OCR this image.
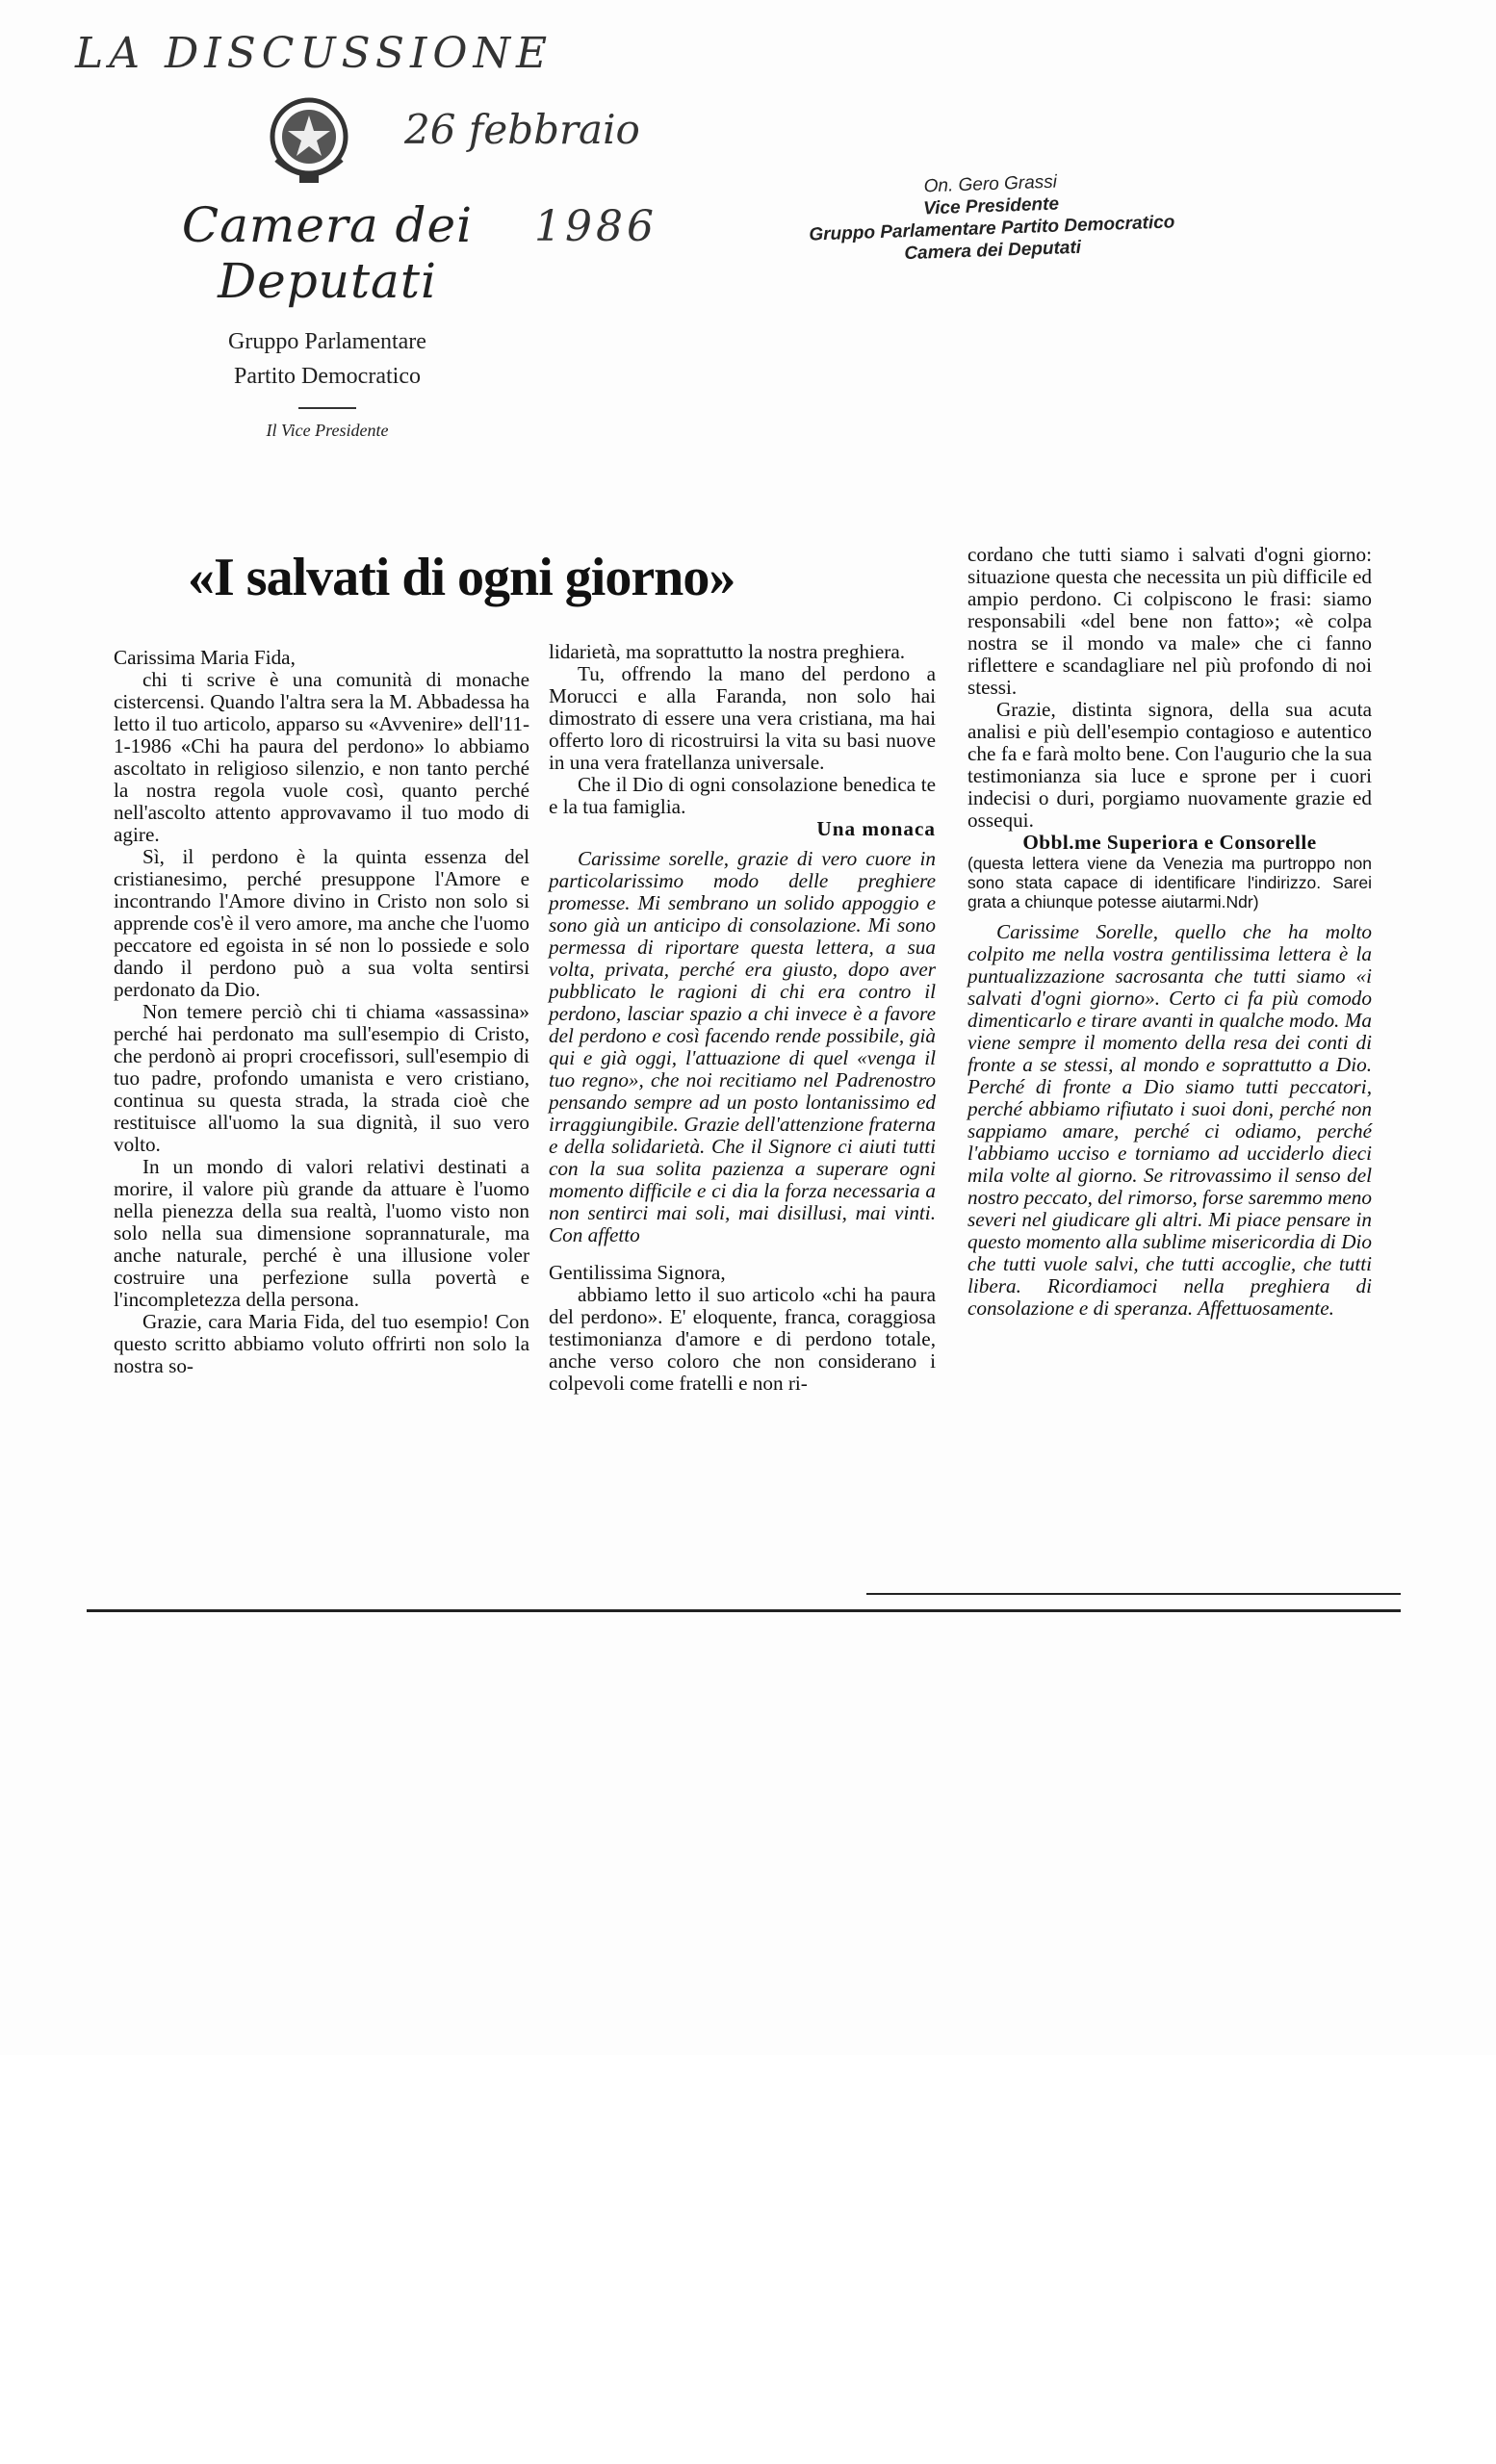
LA DISCUSSIONE
26 febbraio
1986
Camera dei Deputati
Gruppo Parlamentare
Partito Democratico
Il Vice Presidente
On. Gero Grassi
Vice Presidente
Gruppo Parlamentare Partito Democratico
Camera dei Deputati
«I salvati di ogni giorno»

Carissima Maria Fida,

chi ti scrive è una comunità di monache cistercensi. Quando l'altra sera la M. Abbadessa ha letto il tuo articolo, apparso su «Avvenire» dell'11-1-1986 «Chi ha paura del perdono» lo abbiamo ascoltato in religioso silenzio, e non tanto perché la nostra regola vuole così, quanto perché nell'ascolto attento approvavamo il tuo modo di agire.

Sì, il perdono è la quinta essenza del cristianesimo, perché presuppone l'Amore e incontrando l'Amore divino in Cristo non solo si apprende cos'è il vero amore, ma anche che l'uomo peccatore ed egoista in sé non lo possiede e solo dando il perdono può a sua volta sentirsi perdonato da Dio.

Non temere perciò chi ti chiama «assassina» perché hai perdonato ma sull'esempio di Cristo, che perdonò ai propri crocefissori, sull'esempio di tuo padre, profondo umanista e vero cristiano, continua su questa strada, la strada cioè che restituisce all'uomo la sua dignità, il suo vero volto.

In un mondo di valori relativi destinati a morire, il valore più grande da attuare è l'uomo nella pienezza della sua realtà, l'uomo visto non solo nella sua dimensione soprannaturale, ma anche naturale, perché è una illusione voler costruire una perfezione sulla povertà e l'incompletezza della persona.

Grazie, cara Maria Fida, del tuo esempio! Con questo scritto abbiamo voluto offrirti non solo la nostra so-

lidarietà, ma soprattutto la nostra preghiera.

Tu, offrendo la mano del perdono a Morucci e alla Faranda, non solo hai dimostrato di essere una vera cristiana, ma hai offerto loro di ricostruirsi la vita su basi nuove in una vera fratellanza universale.

Che il Dio di ogni consolazione benedica te e la tua famiglia.

Una monaca

Carissime sorelle, grazie di vero cuore in particolarissimo modo delle preghiere promesse. Mi sembrano un solido appoggio e sono già un anticipo di consolazione. Mi sono permessa di riportare questa lettera, a sua volta, privata, perché era giusto, dopo aver pubblicato le ragioni di chi era contro il perdono, lasciar spazio a chi invece è a favore del perdono e così facendo rende possibile, già qui e già oggi, l'attuazione di quel «venga il tuo regno», che noi recitiamo nel Padrenostro pensando sempre ad un posto lontanissimo ed irraggiungibile. Grazie dell'attenzione fraterna e della solidarietà. Che il Signore ci aiuti tutti con la sua solita pazienza a superare ogni momento difficile e ci dia la forza necessaria a non sentirci mai soli, mai disillusi, mai vinti. Con affetto

Gentilissima Signora,

abbiamo letto il suo articolo «chi ha paura del perdono». E' eloquente, franca, coraggiosa testimonianza d'amore e di perdono totale, anche verso coloro che non considerano i colpevoli come fratelli e non ri-

cordano che tutti siamo i salvati d'ogni giorno: situazione questa che necessita un più difficile ed ampio perdono. Ci colpiscono le frasi: siamo responsabili «del bene non fatto»; «è colpa nostra se il mondo va male» che ci fanno riflettere e scandagliare nel più profondo di noi stessi.

Grazie, distinta signora, della sua acuta analisi e più dell'esempio contagioso e autentico che fa e farà molto bene. Con l'augurio che la sua testimonianza sia luce e sprone per i cuori indecisi o duri, porgiamo nuovamente grazie ed ossequi.

Obbl.me Superiora e Consorelle

(questa lettera viene da Venezia ma purtroppo non sono stata capace di identificare l'indirizzo. Sarei grata a chiunque potesse aiutarmi.Ndr)

Carissime Sorelle, quello che ha molto colpito me nella vostra gentilissima lettera è la puntualizzazione sacrosanta che tutti siamo «i salvati d'ogni giorno». Certo ci fa più comodo dimenticarlo e tirare avanti in qualche modo. Ma viene sempre il momento della resa dei conti di fronte a se stessi, al mondo e soprattutto a Dio. Perché di fronte a Dio siamo tutti peccatori, perché abbiamo rifiutato i suoi doni, perché non sappiamo amare, perché ci odiamo, perché l'abbiamo ucciso e torniamo ad ucciderlo dieci mila volte al giorno. Se ritrovassimo il senso del nostro peccato, del rimorso, forse saremmo meno severi nel giudicare gli altri. Mi piace pensare in questo momento alla sublime misericordia di Dio che tutti vuole salvi, che tutti accoglie, che tutti libera. Ricordiamoci nella preghiera di consolazione e di speranza. Affettuosamente.
